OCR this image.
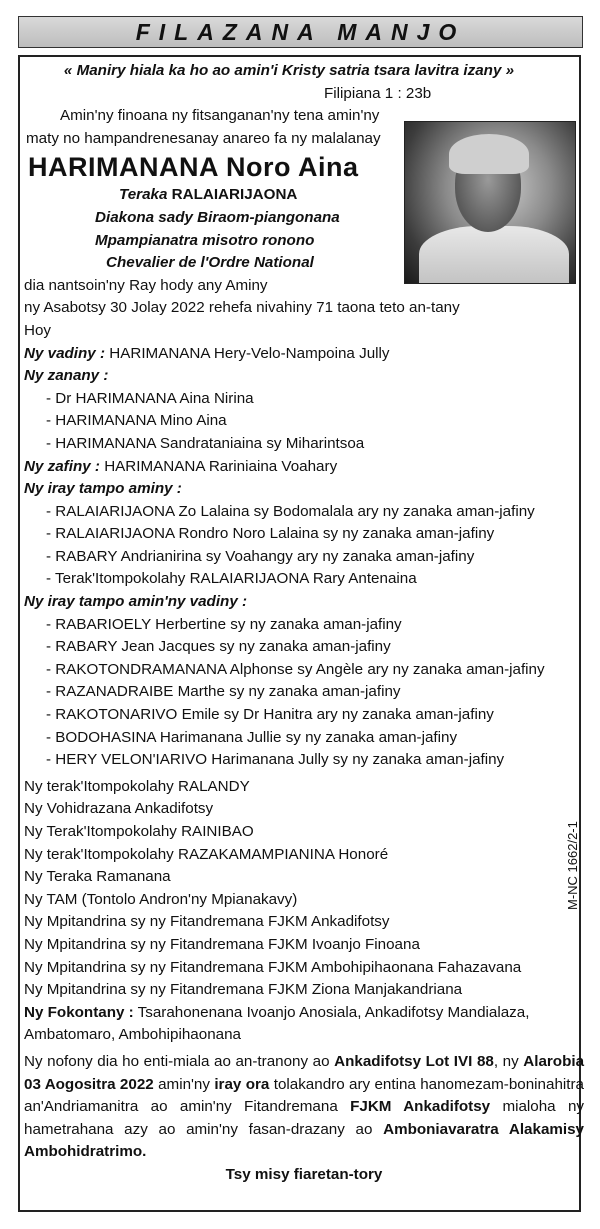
FILAZANA MANJO
« Maniry hiala ka ho ao amin'i Kristy satria tsara lavitra izany »
Filipiana 1 : 23b
Amin'ny finoana ny fitsanganan'ny tena amin'ny
maty no hampandrenesanay anareo fa ny malalanay
HARIMANANA Noro Aina
Teraka RALAIARIJAONA
Diakona sady Biraom-piangonana
Mpampianatra misotro ronono
Chevalier de l'Ordre National
dia nantsoin'ny Ray hody any Aminy
ny Asabotsy 30 Jolay 2022 rehefa nivahiny 71 taona teto an-tany
Hoy
Ny vadiny : HARIMANANA Hery-Velo-Nampoina Jully
Ny zanany :
- Dr HARIMANANA Aina Nirina
- HARIMANANA Mino Aina
- HARIMANANA Sandrataniaina sy Miharintsoa
Ny zafiny : HARIMANANA Rariniaina Voahary
Ny iray tampo aminy :
- RALAIARIJAONA Zo Lalaina sy Bodomalala ary ny zanaka aman-jafiny
- RALAIARIJAONA Rondro Noro Lalaina sy ny zanaka aman-jafiny
- RABARY Andrianirina sy Voahangy ary ny zanaka aman-jafiny
- Terak'Itompokolahy RALAIARIJAONA Rary Antenaina
Ny iray tampo amin'ny vadiny :
- RABARIOELY Herbertine sy ny zanaka aman-jafiny
- RABARY Jean Jacques sy ny zanaka aman-jafiny
- RAKOTONDRAMANANA Alphonse sy Angèle ary ny zanaka aman-jafiny
- RAZANADRAIBE Marthe sy ny zanaka aman-jafiny
- RAKOTONARIVO Emile sy Dr Hanitra ary ny zanaka aman-jafiny
- BODOHASINA Harimanana Jullie sy ny zanaka aman-jafiny
- HERY VELON'IARIVO Harimanana Jully sy ny zanaka aman-jafiny
Ny terak'Itompokolahy RALANDY
Ny Vohidrazana Ankadifotsy
Ny Terak'Itompokolahy RAINIBAO
Ny terak'Itompokolahy RAZAKAMAMPIANINA Honoré
Ny Teraka Ramanana
Ny TAM (Tontolo Andron'ny Mpianakavy)
Ny Mpitandrina sy ny Fitandremana FJKM Ankadifotsy
Ny Mpitandrina sy ny Fitandremana FJKM Ivoanjo Finoana
Ny Mpitandrina sy ny Fitandremana FJKM Ambohipihaonana Fahazavana
Ny Mpitandrina sy ny Fitandremana FJKM Ziona Manjakandriana
Ny Fokontany : Tsarahonenana Ivoanjo Anosiala, Ankadifotsy Mandialaza,
Ambatomaro, Ambohipihaonana
Ny nofony dia ho enti-miala ao an-tranony ao Ankadifotsy Lot IVI 88, ny Alarobia 03 Aogositra 2022 amin'ny iray ora tolakandro ary entina hanomezam-boninahitra an'Andriamanitra ao amin'ny Fitandremana FJKM Ankadifotsy mialoha ny hametrahana azy ao amin'ny fasan-drazany ao Amboniavaratra Alakamisy Ambohidratrimo.
Tsy misy fiaretan-tory
M-NC 1662/2-1
